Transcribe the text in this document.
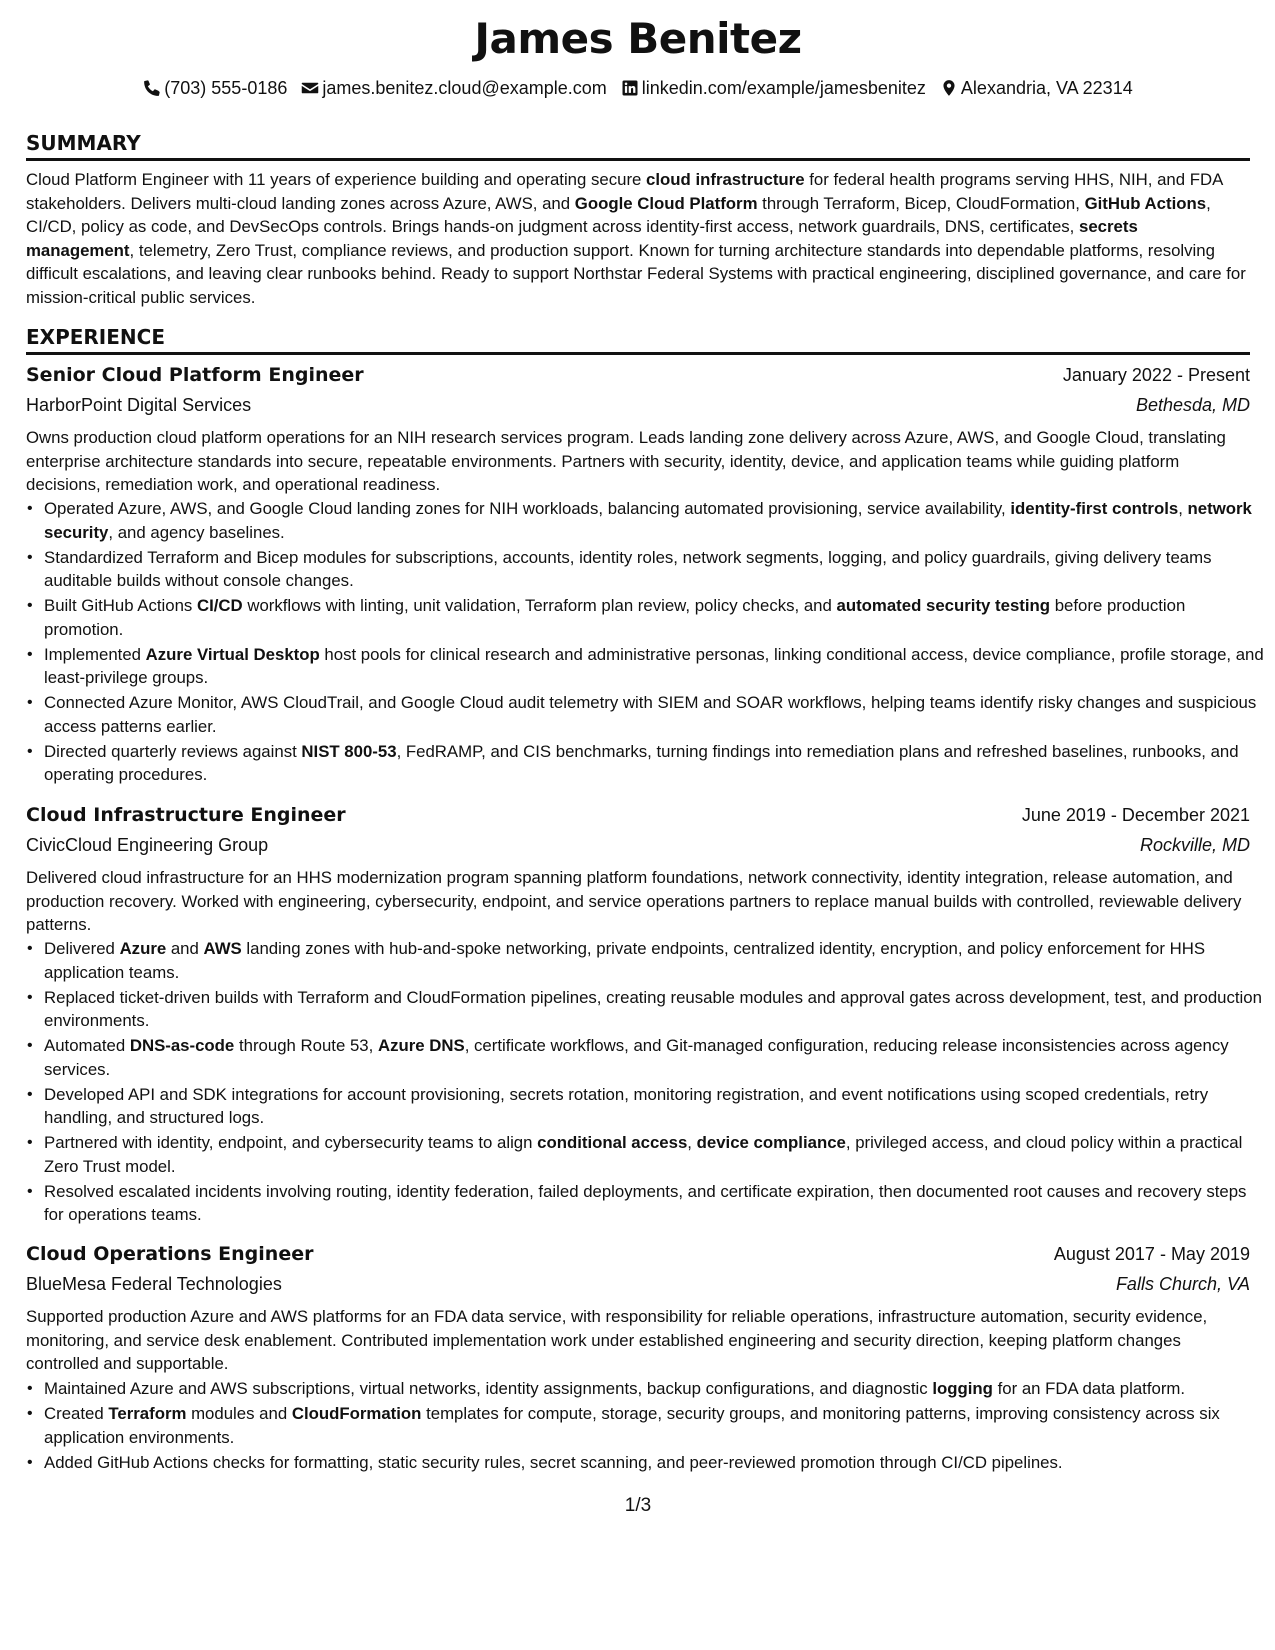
James Benitez
(703) 555-0186 james.benitez.cloud@example.com linkedin.com/example/jamesbenitez Alexandria, VA 22314
SUMMARY

Cloud Platform Engineer with 11 years of experience building and operating secure cloud infrastructure for federal health programs serving HHS, NIH, and FDA stakeholders. Delivers multi-cloud landing zones across Azure, AWS, and Google Cloud Platform through Terraform, Bicep, CloudFormation, GitHub Actions, CI/CD, policy as code, and DevSecOps controls. Brings hands-on judgment across identity-first access, network guardrails, DNS, certificates, secrets management, telemetry, Zero Trust, compliance reviews, and production support. Known for turning architecture standards into dependable platforms, resolving difficult escalations, and leaving clear runbooks behind. Ready to support Northstar Federal Systems with practical engineering, disciplined governance, and care for mission-critical public services.

EXPERIENCE
Senior Cloud Platform Engineer	January 2022 - Present
HarborPoint Digital Services	Bethesda, MD

Owns production cloud platform operations for an NIH research services program. Leads landing zone delivery across Azure, AWS, and Google Cloud, translating enterprise architecture standards into secure, repeatable environments. Partners with security, identity, device, and application teams while guiding platform decisions, remediation work, and operational readiness.

• Operated Azure, AWS, and Google Cloud landing zones for NIH workloads, balancing automated provisioning, service availability, identity-first controls, network security, and agency baselines.
• Standardized Terraform and Bicep modules for subscriptions, accounts, identity roles, network segments, logging, and policy guardrails, giving delivery teams auditable builds without console changes.
• Built GitHub Actions CI/CD workflows with linting, unit validation, Terraform plan review, policy checks, and automated security testing before production promotion.
• Implemented Azure Virtual Desktop host pools for clinical research and administrative personas, linking conditional access, device compliance, profile storage, and least-privilege groups.
• Connected Azure Monitor, AWS CloudTrail, and Google Cloud audit telemetry with SIEM and SOAR workflows, helping teams identify risky changes and suspicious access patterns earlier.
• Directed quarterly reviews against NIST 800-53, FedRAMP, and CIS benchmarks, turning findings into remediation plans and refreshed baselines, runbooks, and operating procedures.
Cloud Infrastructure Engineer	June 2019 - December 2021
CivicCloud Engineering Group	Rockville, MD

Delivered cloud infrastructure for an HHS modernization program spanning platform foundations, network connectivity, identity integration, release automation, and production recovery. Worked with engineering, cybersecurity, endpoint, and service operations partners to replace manual builds with controlled, reviewable delivery patterns.

• Delivered Azure and AWS landing zones with hub-and-spoke networking, private endpoints, centralized identity, encryption, and policy enforcement for HHS application teams.
• Replaced ticket-driven builds with Terraform and CloudFormation pipelines, creating reusable modules and approval gates across development, test, and production environments.
• Automated DNS-as-code through Route 53, Azure DNS, certificate workflows, and Git-managed configuration, reducing release inconsistencies across agency services.
• Developed API and SDK integrations for account provisioning, secrets rotation, monitoring registration, and event notifications using scoped credentials, retry handling, and structured logs.
• Partnered with identity, endpoint, and cybersecurity teams to align conditional access, device compliance, privileged access, and cloud policy within a practical Zero Trust model.
• Resolved escalated incidents involving routing, identity federation, failed deployments, and certificate expiration, then documented root causes and recovery steps for operations teams.
Cloud Operations Engineer	August 2017 - May 2019
BlueMesa Federal Technologies	Falls Church, VA

Supported production Azure and AWS platforms for an FDA data service, with responsibility for reliable operations, infrastructure automation, security evidence, monitoring, and service desk enablement. Contributed implementation work under established engineering and security direction, keeping platform changes controlled and supportable.

• Maintained Azure and AWS subscriptions, virtual networks, identity assignments, backup configurations, and diagnostic logging for an FDA data platform.
• Created Terraform modules and CloudFormation templates for compute, storage, security groups, and monitoring patterns, improving consistency across six application environments.
• Added GitHub Actions checks for formatting, static security rules, secret scanning, and peer-reviewed promotion through CI/CD pipelines.
1/3
